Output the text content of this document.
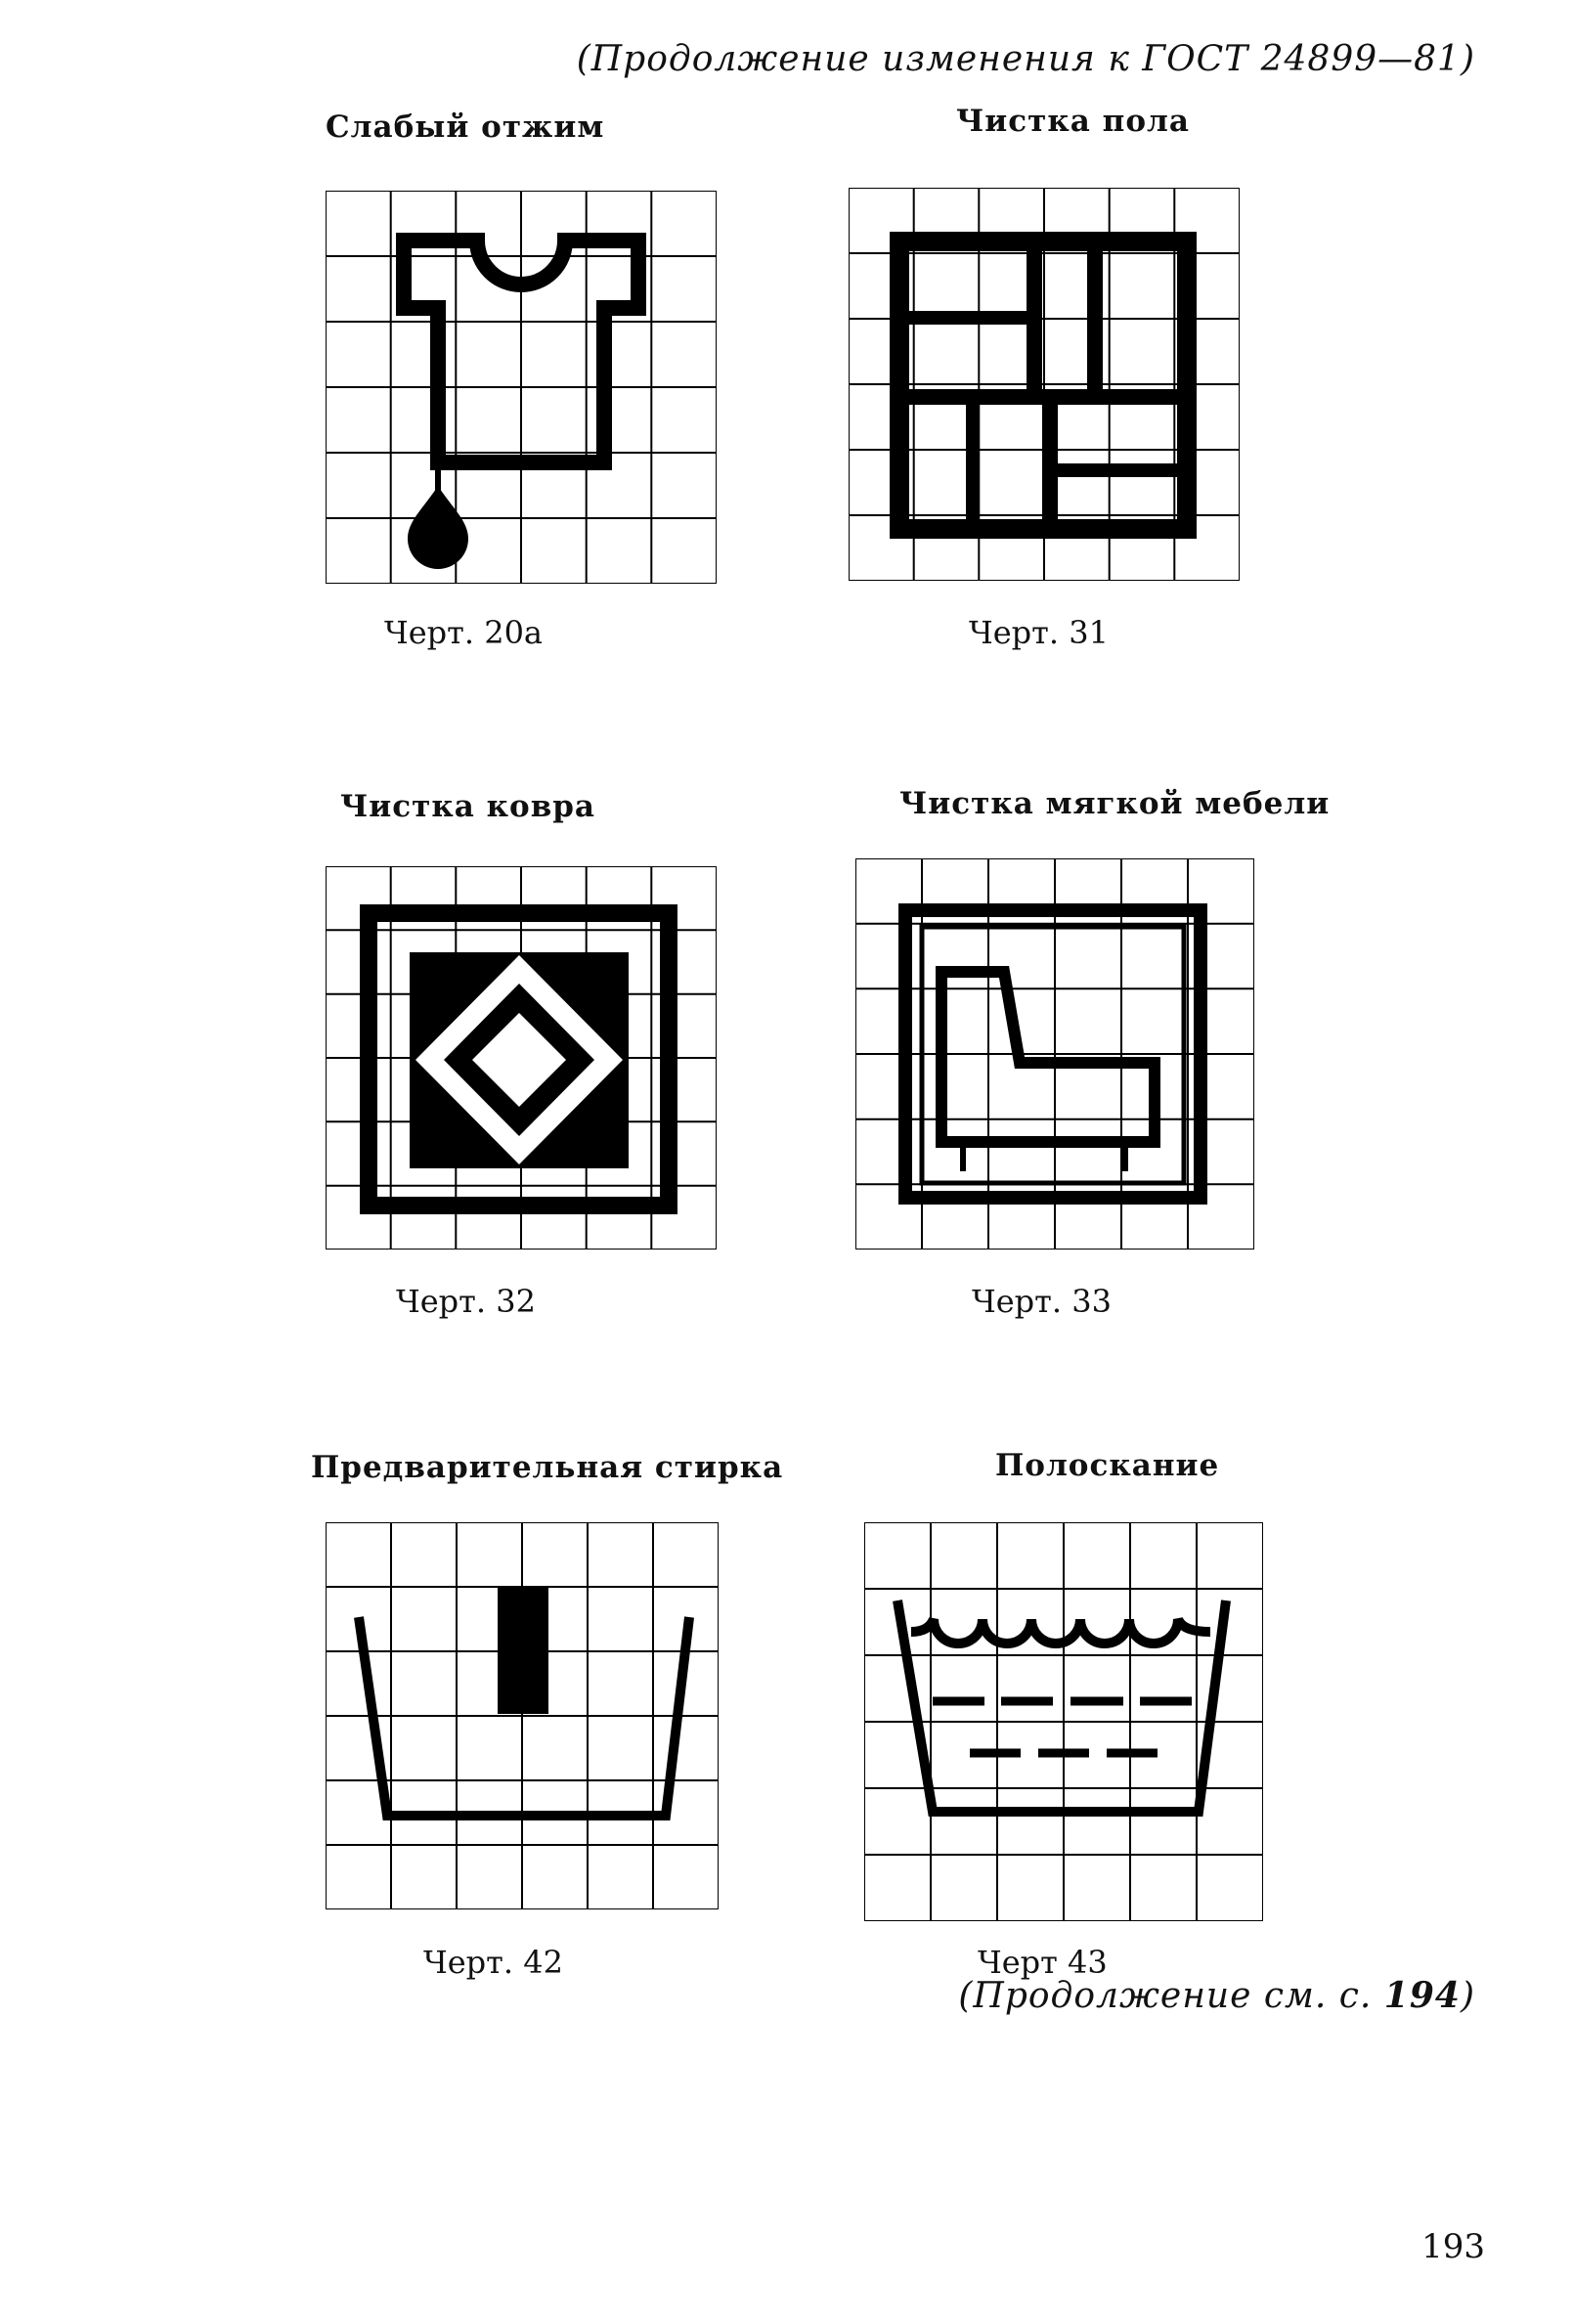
(Продолжение изменения к ГОСТ 24899—81)
Слабый отжим
Черт. 20а
Чистка пола
Черт. 31
Чистка ковра
Черт. 32
Чистка мягкой мебели
Черт. 33
Предварительная стирка
Черт. 42
Полоскание
Черт 43
(Продолжение см. с. 194)
193
